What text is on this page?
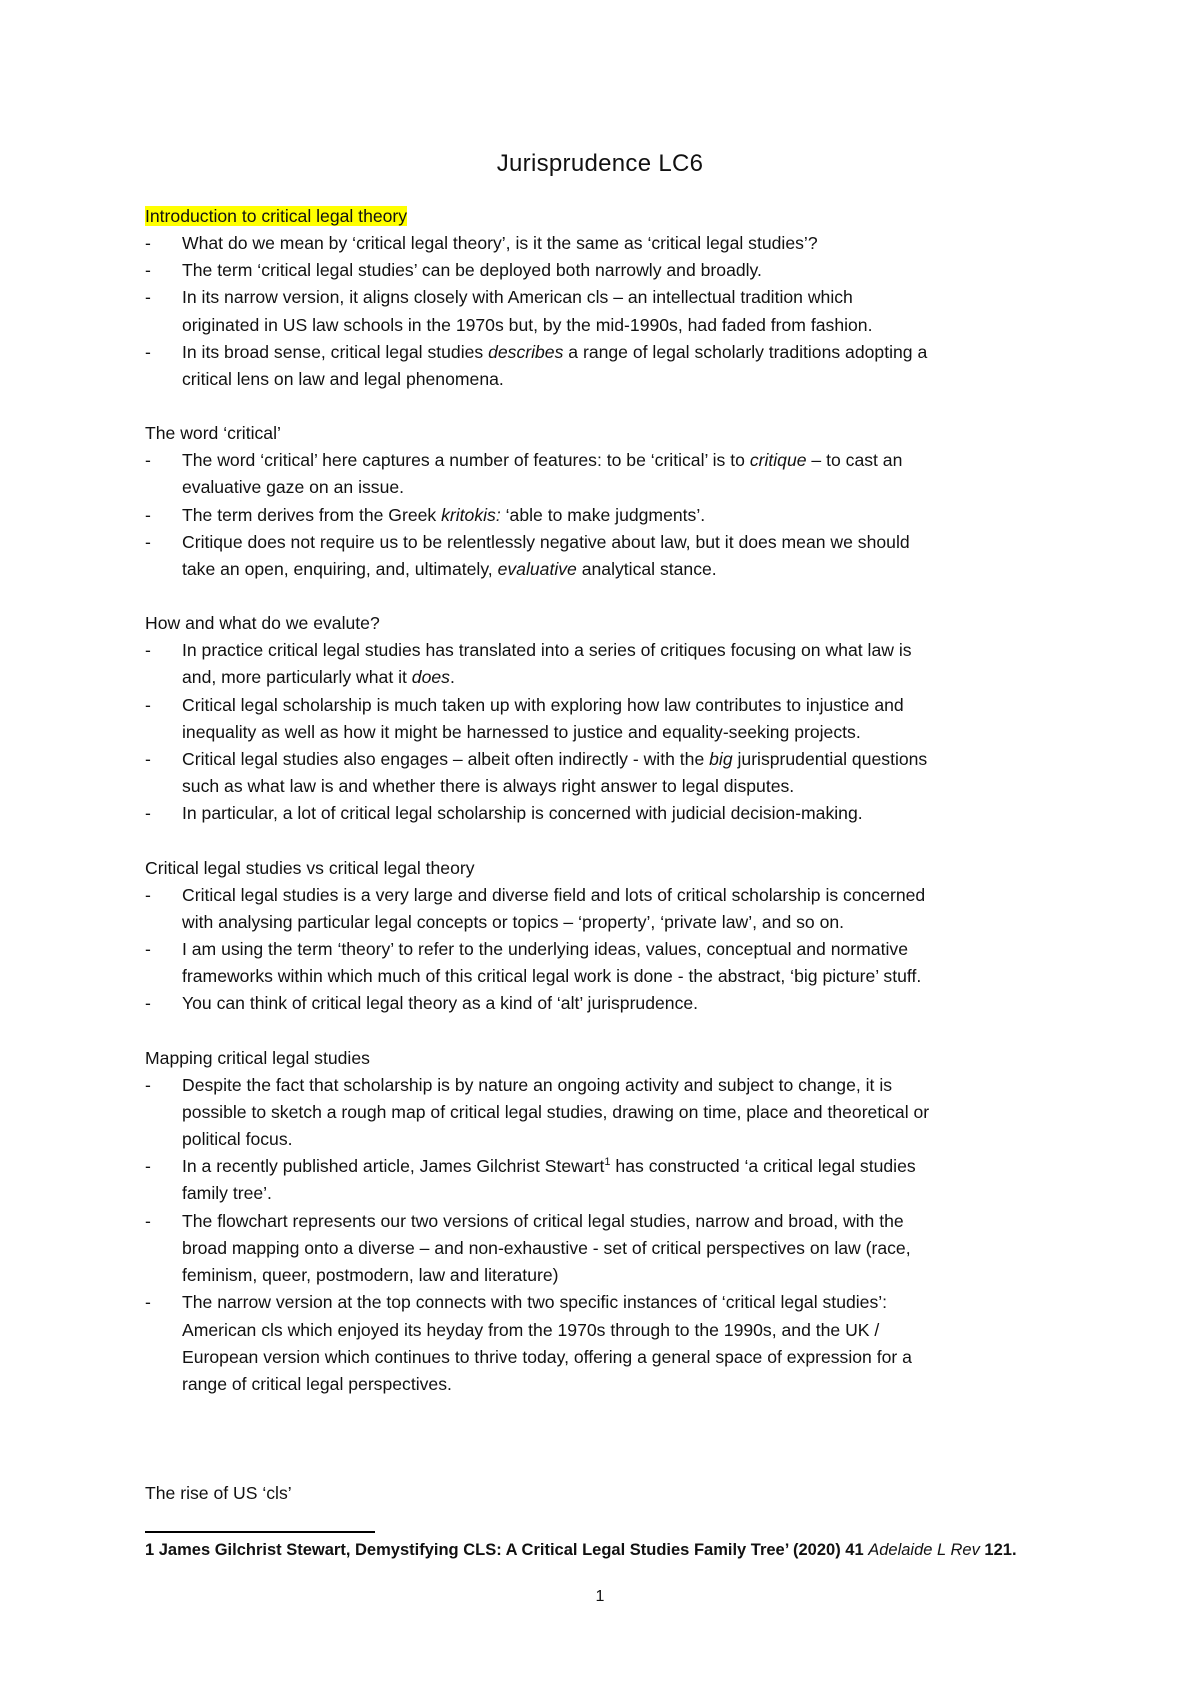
Jurisprudence LC6
Introduction to critical legal theory
- What do we mean by ‘critical legal theory’, is it the same as ‘critical legal studies’?
- The term ‘critical legal studies’ can be deployed both narrowly and broadly.
- In its narrow version, it aligns closely with American cls – an intellectual tradition which
originated in US law schools in the 1970s but, by the mid-1990s, had faded from fashion.
- In its broad sense, critical legal studies describes a range of legal scholarly traditions adopting a
critical lens on law and legal phenomena.
The word ‘critical’
- The word ‘critical’ here captures a number of features: to be ‘critical’ is to critique – to cast an
evaluative gaze on an issue.
- The term derives from the Greek kritokis: ‘able to make judgments’.
- Critique does not require us to be relentlessly negative about law, but it does mean we should
take an open, enquiring, and, ultimately, evaluative analytical stance.
How and what do we evalute?
- In practice critical legal studies has translated into a series of critiques focusing on what law is
and, more particularly what it does.
- Critical legal scholarship is much taken up with exploring how law contributes to injustice and
inequality as well as how it might be harnessed to justice and equality-seeking projects.
- Critical legal studies also engages – albeit often indirectly - with the big jurisprudential questions
such as what law is and whether there is always right answer to legal disputes.
- In particular, a lot of critical legal scholarship is concerned with judicial decision-making.
Critical legal studies vs critical legal theory
- Critical legal studies is a very large and diverse field and lots of critical scholarship is concerned
with analysing particular legal concepts or topics – ‘property’, ‘private law’, and so on.
- I am using the term ‘theory’ to refer to the underlying ideas, values, conceptual and normative
frameworks within which much of this critical legal work is done - the abstract, ‘big picture’ stuff.
- You can think of critical legal theory as a kind of ‘alt’ jurisprudence.
Mapping critical legal studies
- Despite the fact that scholarship is by nature an ongoing activity and subject to change, it is
possible to sketch a rough map of critical legal studies, drawing on time, place and theoretical or
political focus.
- In a recently published article, James Gilchrist Stewart$^1$ has constructed ‘a critical legal studies
family tree’.
- The flowchart represents our two versions of critical legal studies, narrow and broad, with the
broad mapping onto a diverse – and non-exhaustive - set of critical perspectives on law (race,
feminism, queer, postmodern, law and literature)
- The narrow version at the top connects with two specific instances of ‘critical legal studies’:
American cls which enjoyed its heyday from the 1970s through to the 1990s, and the UK /
European version which continues to thrive today, offering a general space of expression for a
range of critical legal perspectives.
The rise of US ‘cls’
1 James Gilchrist Stewart, Demystifying CLS: A Critical Legal Studies Family Tree’ (2020) 41 Adelaide L Rev 121.
1
